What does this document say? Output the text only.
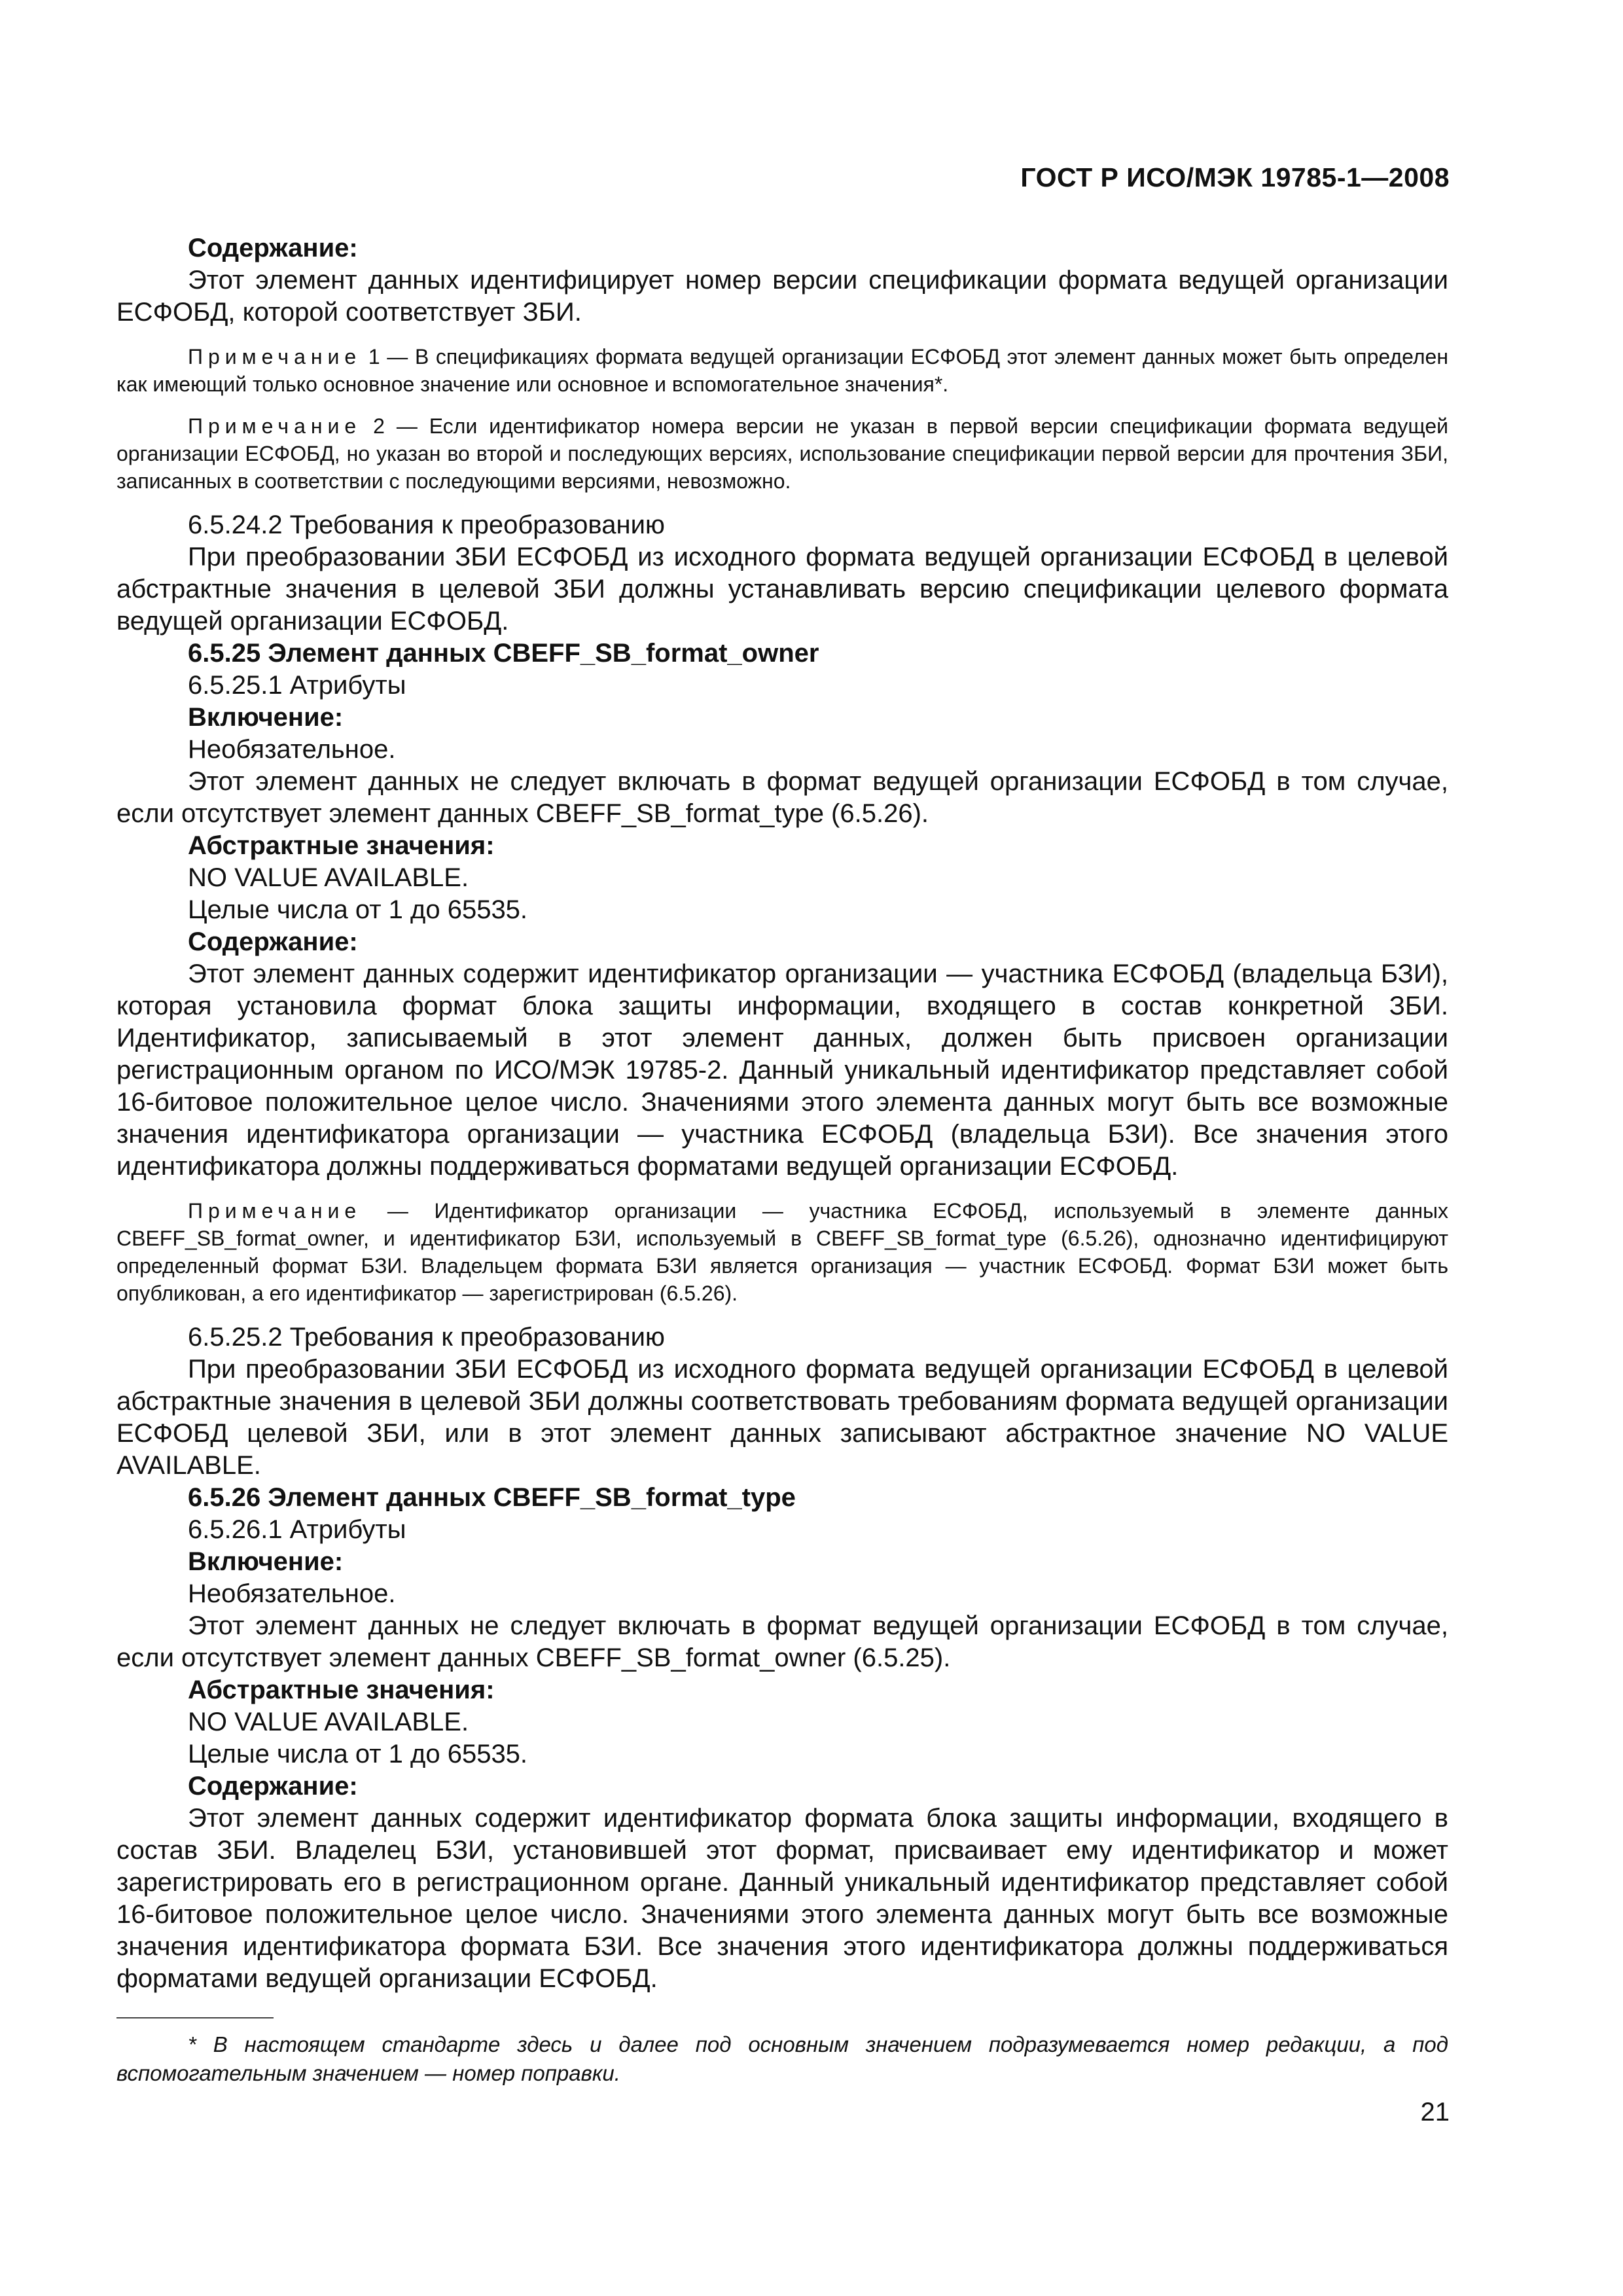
ГОСТ Р ИСО/МЭК 19785-1—2008

Содержание:

Этот элемент данных идентифицирует номер версии спецификации формата ведущей организации ЕСФОБД, которой соответствует ЗБИ.

Примечание 1 — В спецификациях формата ведущей организации ЕСФОБД этот элемент данных может быть определен как имеющий только основное значение или основное и вспомогательное значения*.

Примечание 2 — Если идентификатор номера версии не указан в первой версии спецификации формата ведущей организации ЕСФОБД, но указан во второй и последующих версиях, использование спецификации первой версии для прочтения ЗБИ, записанных в соответствии с последующими версиями, невозможно.

6.5.24.2 Требования к преобразованию

При преобразовании ЗБИ ЕСФОБД из исходного формата ведущей организации ЕСФОБД в целевой абстрактные значения в целевой ЗБИ должны устанавливать версию спецификации целевого формата ведущей организации ЕСФОБД.

6.5.25 Элемент данных CBEFF_SB_format_owner

6.5.25.1 Атрибуты

Включение:

Необязательное.

Этот элемент данных не следует включать в формат ведущей организации ЕСФОБД в том случае, если отсутствует элемент данных CBEFF_SB_format_type (6.5.26).

Абстрактные значения:

NO VALUE AVAILABLE.

Целые числа от 1 до 65535.

Содержание:

Этот элемент данных содержит идентификатор организации — участника ЕСФОБД (владельца БЗИ), которая установила формат блока защиты информации, входящего в состав конкретной ЗБИ. Идентификатор, записываемый в этот элемент данных, должен быть присвоен организации регистрационным органом по ИСО/МЭК 19785-2. Данный уникальный идентификатор представляет собой 16-битовое положительное целое число. Значениями этого элемента данных могут быть все возможные значения идентификатора организации — участника ЕСФОБД (владельца БЗИ). Все значения этого идентификатора должны поддерживаться форматами ведущей организации ЕСФОБД.

Примечание — Идентификатор организации — участника ЕСФОБД, используемый в элементе данных CBEFF_SB_format_owner, и идентификатор БЗИ, используемый в CBEFF_SB_format_type (6.5.26), однозначно идентифицируют определенный формат БЗИ. Владельцем формата БЗИ является организация — участник ЕСФОБД. Формат БЗИ может быть опубликован, а его идентификатор — зарегистрирован (6.5.26).

6.5.25.2 Требования к преобразованию

При преобразовании ЗБИ ЕСФОБД из исходного формата ведущей организации ЕСФОБД в целевой абстрактные значения в целевой ЗБИ должны соответствовать требованиям формата ведущей организации ЕСФОБД целевой ЗБИ, или в этот элемент данных записывают абстрактное значение NO VALUE AVAILABLE.

6.5.26 Элемент данных CBEFF_SB_format_type

6.5.26.1 Атрибуты

Включение:

Необязательное.

Этот элемент данных не следует включать в формат ведущей организации ЕСФОБД в том случае, если отсутствует элемент данных CBEFF_SB_format_owner (6.5.25).

Абстрактные значения:

NO VALUE AVAILABLE.

Целые числа от 1 до 65535.

Содержание:

Этот элемент данных содержит идентификатор формата блока защиты информации, входящего в состав ЗБИ. Владелец БЗИ, установившей этот формат, присваивает ему идентификатор и может зарегистрировать его в регистрационном органе. Данный уникальный идентификатор представляет собой 16-битовое положительное целое число. Значениями этого элемента данных могут быть все возможные значения идентификатора формата БЗИ. Все значения этого идентификатора должны поддерживаться форматами ведущей организации ЕСФОБД.

* В настоящем стандарте здесь и далее под основным значением подразумевается номер редакции, а под вспомогательным значением — номер поправки.

21
